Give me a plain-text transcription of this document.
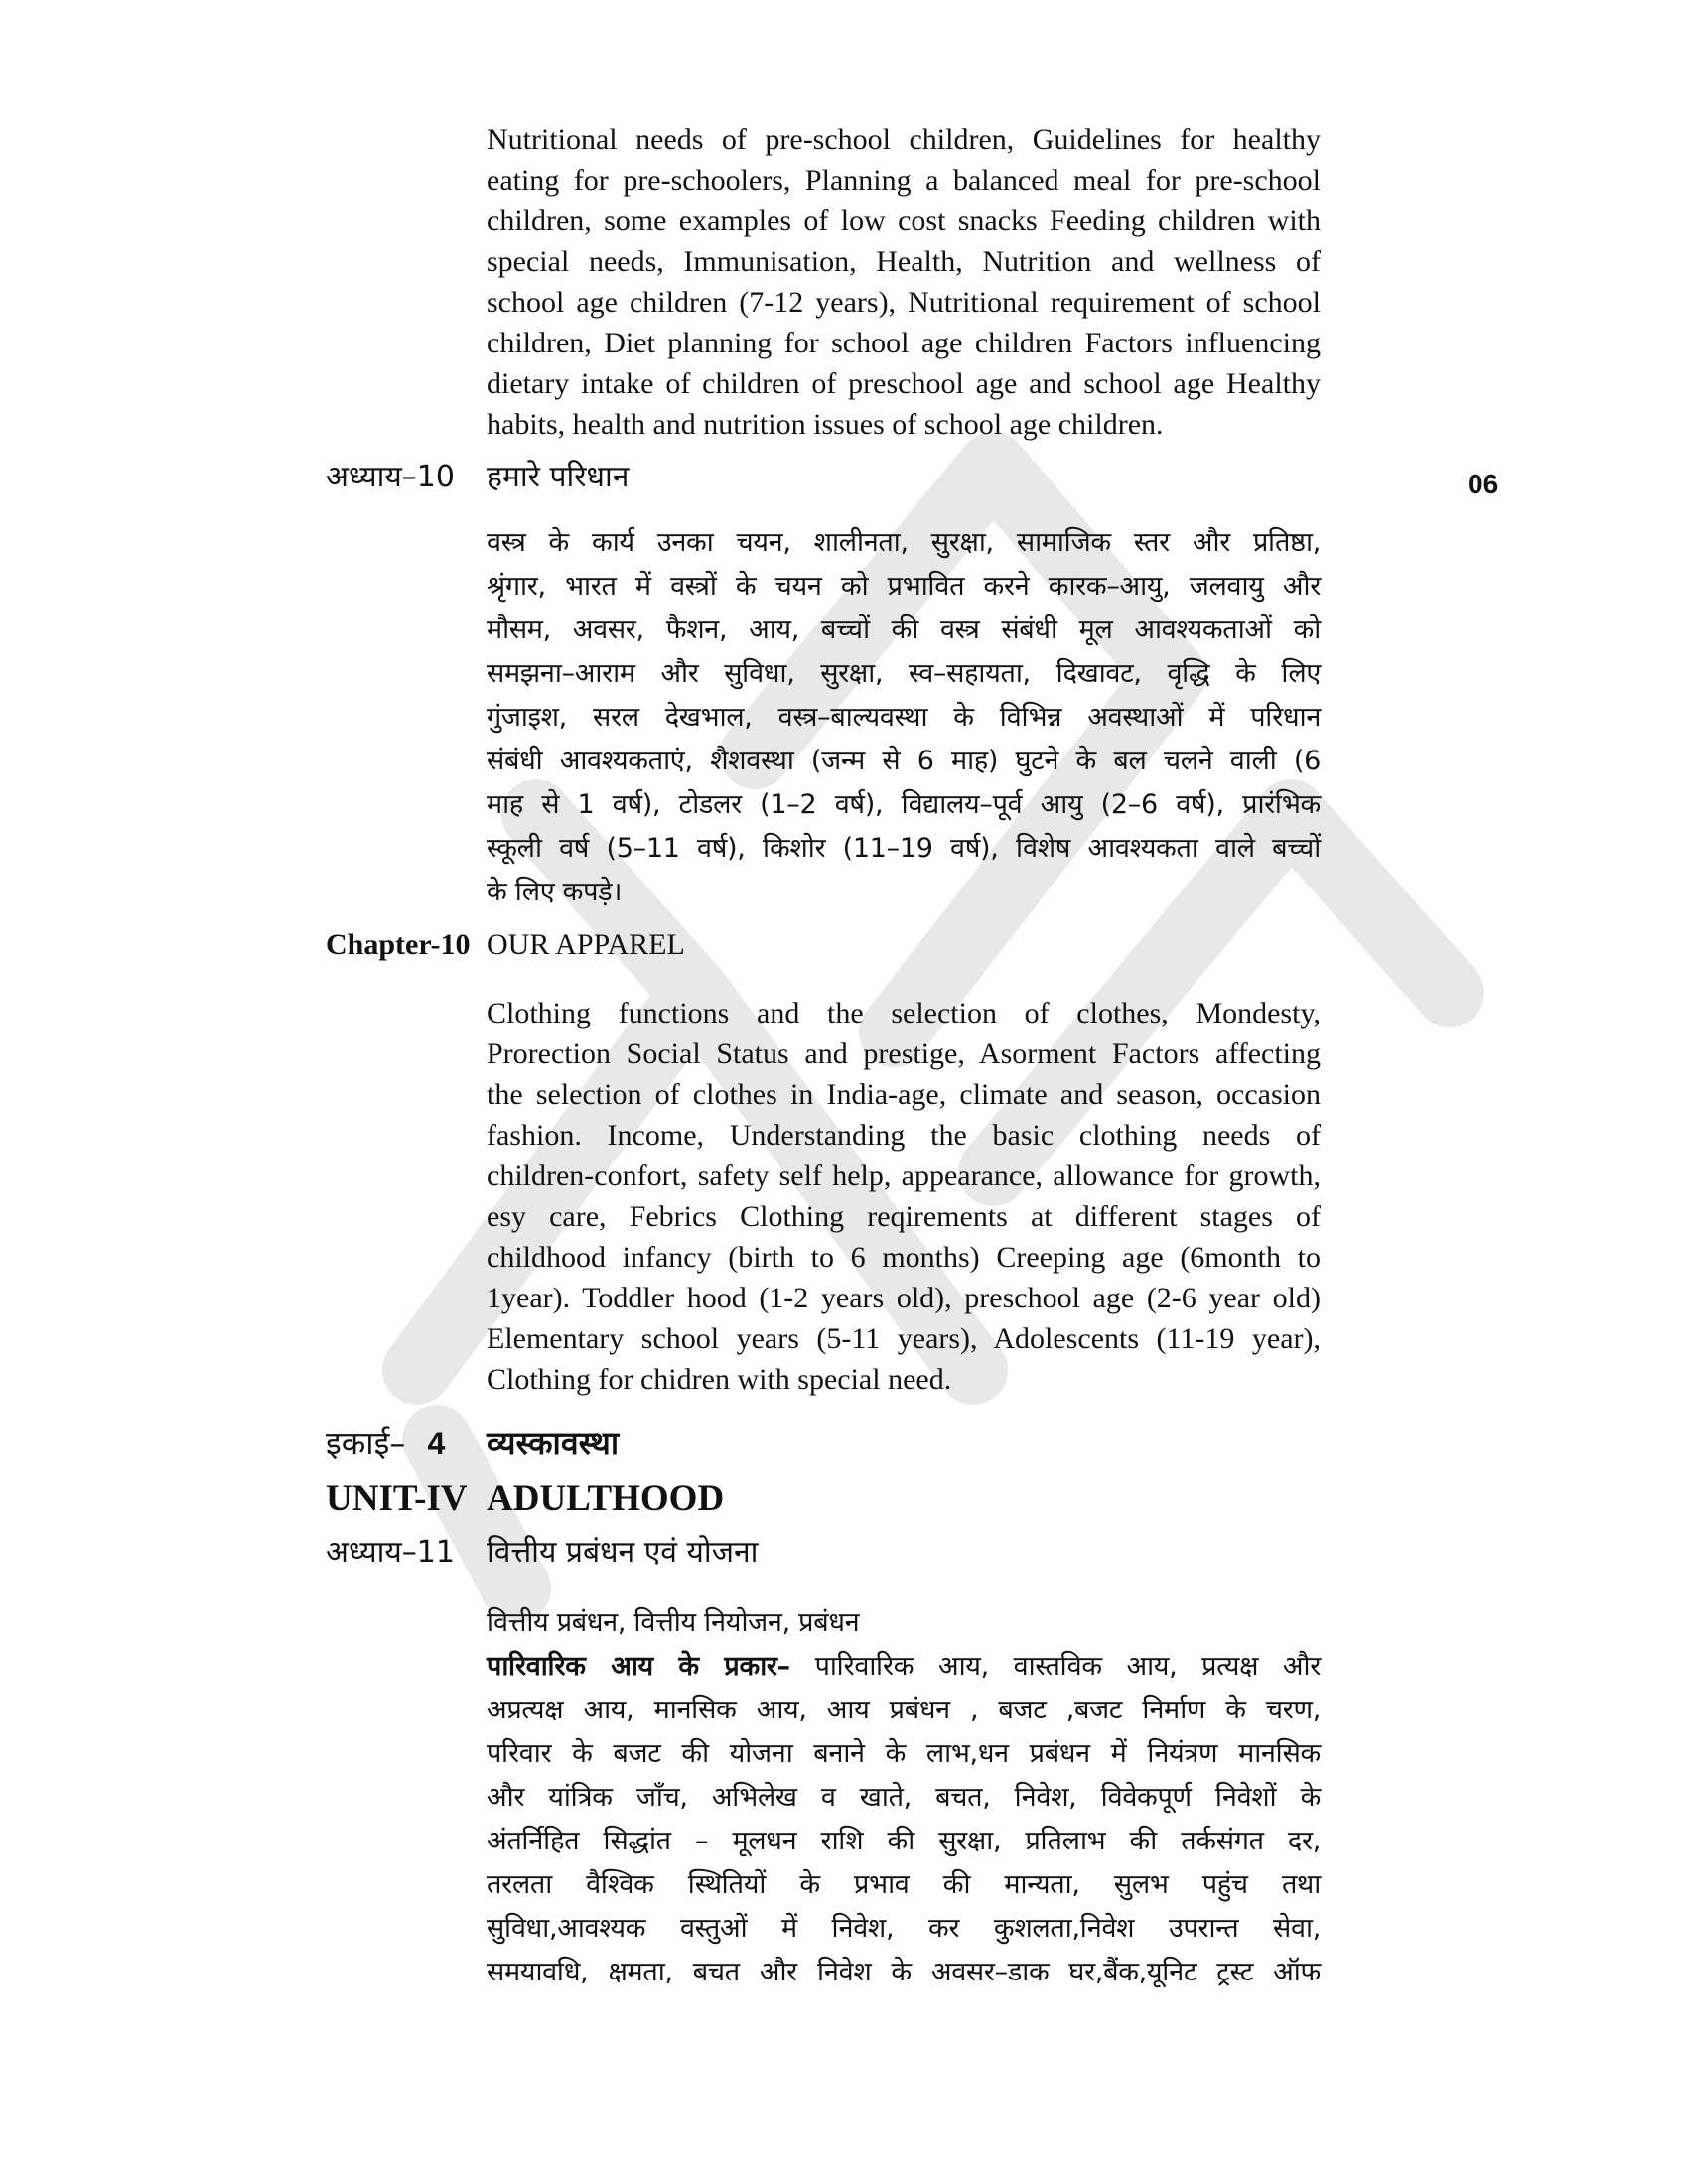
Nutritional needs of pre-school children, Guidelines for healthy
eating for pre-schoolers, Planning a balanced meal for pre-school
children, some examples of low cost snacks Feeding children with
special needs, Immunisation, Health, Nutrition and wellness of
school age children (7-12 years), Nutritional requirement of school
children, Diet planning for school age children Factors influencing
dietary intake of children of preschool age and school age Healthy
habits, health and nutrition issues of school age children.
अध्याय–10 हमारे परिधान	06
वस्त्र के कार्य उनका चयन, शालीनता, सुरक्षा, सामाजिक स्तर और प्रतिष्ठा,
श्रृंगार, भारत में वस्त्रों के चयन को प्रभावित करने कारक–आयु, जलवायु और
मौसम, अवसर, फैशन, आय, बच्चों की वस्त्र संबंधी मूल आवश्यकताओं को
समझना–आराम और सुविधा, सुरक्षा, स्व–सहायता, दिखावट, वृद्धि के लिए
गुंजाइश, सरल देखभाल, वस्त्र–बाल्यवस्था के विभिन्न अवस्थाओं में परिधान
संबंधी आवश्यकताएं, शैशवस्था (जन्म से 6 माह) घुटने के बल चलने वाली (6
माह से 1 वर्ष), टोडलर (1–2 वर्ष), विद्यालय–पूर्व आयु (2–6 वर्ष), प्रारंभिक
स्कूली वर्ष (5–11 वर्ष), किशोर (11–19 वर्ष), विशेष आवश्यकता वाले बच्चों
के लिए कपड़े।
Chapter-10 OUR APPAREL
Clothing functions and the selection of clothes, Mondesty,
Prorection Social Status and prestige, Asorment Factors affecting
the selection of clothes in India-age, climate and season, occasion
fashion. Income, Understanding the basic clothing needs of
children-confort, safety self help, appearance, allowance for growth,
esy care, Febrics Clothing reqirements at different stages of
childhood infancy (birth to 6 months) Creeping age (6month to
1year). Toddler hood (1-2 years old), preschool age (2-6 year old)
Elementary school years (5-11 years), Adolescents (11-19 year),
Clothing for chidren with special need.
इकाई– 4 व्यस्कावस्था
UNIT-IV ADULTHOOD
अध्याय–11 वित्तीय प्रबंधन एवं योजना
वित्तीय प्रबंधन, वित्तीय नियोजन, प्रबंधन
पारिवारिक आय के प्रकार– पारिवारिक आय, वास्तविक आय, प्रत्यक्ष और
अप्रत्यक्ष आय, मानसिक आय, आय प्रबंधन , बजट ,बजट निर्माण के चरण,
परिवार के बजट की योजना बनाने के लाभ,धन प्रबंधन में नियंत्रण मानसिक
और यांत्रिक जाँच, अभिलेख व खाते, बचत, निवेश, विवेकपूर्ण निवेशों के
अंतर्निहित सिद्धांत – मूलधन राशि की सुरक्षा, प्रतिलाभ की तर्कसंगत दर,
तरलता वैश्विक स्थितियों के प्रभाव की मान्यता, सुलभ पहुंच तथा
सुविधा,आवश्यक वस्तुओं में निवेश, कर कुशलता,निवेश उपरान्त सेवा,
समयावधि, क्षमता, बचत और निवेश के अवसर–डाक घर,बैंक,यूनिट ट्रस्ट ऑफ
